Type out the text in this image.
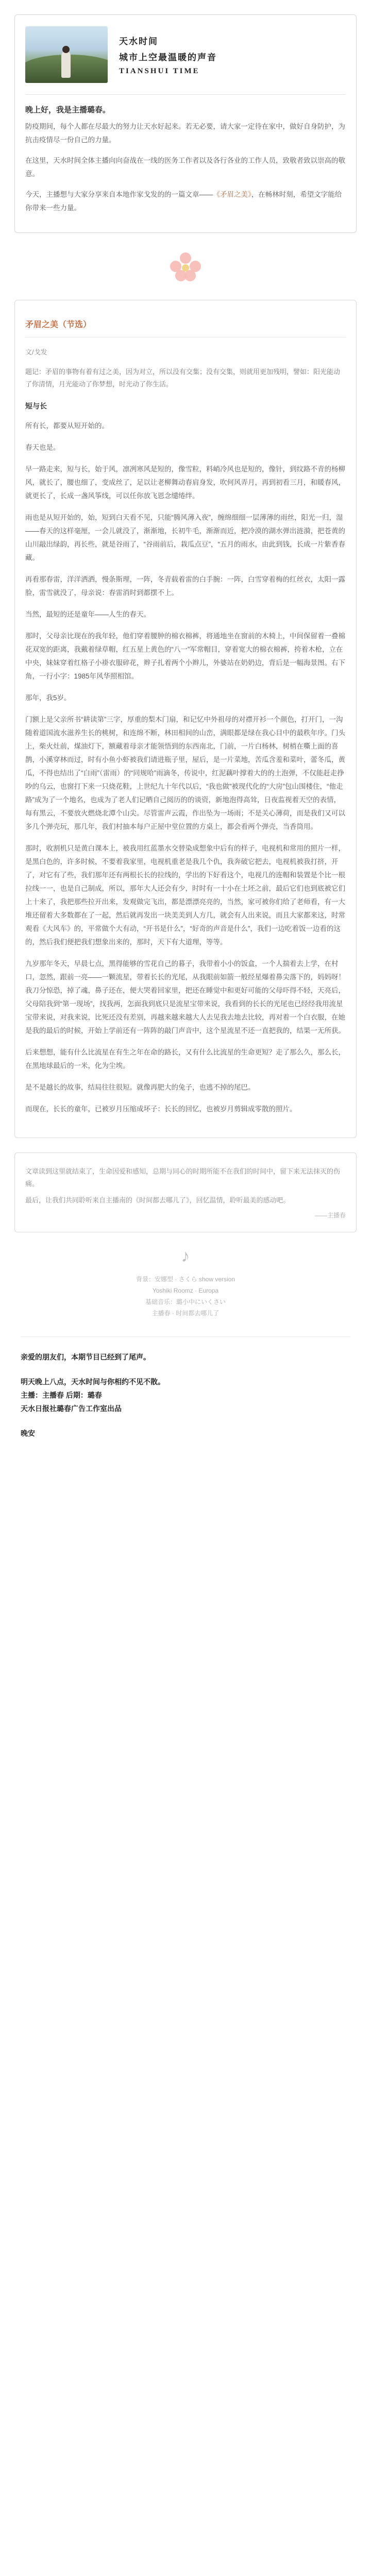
天水时间
城市上空最温暖的声音
TIANSHUI TIME
晚上好，我是主播璐春。

防疫期间，每个人都在尽最大的努力让天水好起来。若无必要，请大家一定待在家中，做好自身防护，为抗击疫情尽一份自己的力量。

在这里，天水时间全体主播向向奋战在一线的医务工作者以及各行各业的工作人员，致敬者致以崇高的敬意。

今天，主播想与大家分享来自本地作家戈发的的一篇文章——《矛眉之美》，在畅林时刻，希望文字能给你带来一些力量。

矛眉之美（节选）
文/戈发

题记：矛眉的事物有着有过之美，因为对立，所以没有交集；没有交集，则就用更加残明，譬如：阳光能动了你清情，月光能动了你梦想，时光动了你生活。

短与长

所有长，都要从短开始的。

春天也是。

早一路走来，短与长，始于风，凛冽寒风是短的，像雪粒，料峭冷风也是短的，像针，到纹路不青的杨柳风，就长了，腰也细了，变成丝了，足以让老柳舞动春肩身发，吹何风弄月，再到初看三月，和暖春风，就更长了，长成一盏风筝线，可以任你放飞恩念缱绻绊。

雨也是从短开始的，始，短到白天看不见，只能“腾风薄入夜”，缠绵细细一层薄薄的雨丝，阳光一归，湿——春天的这样毫厘，一会儿就没了，渐渐地，长初牛毛，渐渐而近，把冷漠的湖水弹出涟漪，把苍黄的山川敲出绿韵，再长些，就是谷雨了，“谷雨前后，栽瓜点豆”，“五月的雨水，由此到钱，长成一片紫香春藏。

再看那春雷，洋洋洒洒，慢条斯理，一阵，冬青载着雷的白手腕：一阵，白雪穿着梅的红丝衣，太阳一露脸，雷雪就没了，母亲说：春雷消时到都摆不上。

当然，最短的还是童年——人生的春天。

那时，父母亲比现在的我年轻，他们穿着腰肿的棉衣棉裤，将通地坐在窗前的木椅上，中间保留着一叠棉花双宽的距离，我戴着绿草帽，红五星上黄色的“八一”军常帽目，穿着宽大的棉衣棉裤，挎着木枪，立在中央，妹妹穿着红格子小褂衣服碎花，辫子扎着两个小辫儿，外婆站在奶奶边，背后是一幅海景图。右下角，一行小字：1985年风华照相馆。

那年，我5岁。

门额上是父亲所书“耕读第”三字，厚重的梨木门扇，和记忆中外祖母的对襟开衫一个颜色，打开门，一沟随着道国流水滋养生长的桃树，和连绵不断，林田相间的山峦，满眼都是绿在我心目中的最秩年序。门头上，柴火灶前，煤油灯下，额藏着母亲才能领悟到的东西南北，门前，一片白杨林，树梢在嘶上面的喜鹊，小溪穿林而过，时有小鱼小虾被我们请进瓶子里，屋后，是一片菜地，苦瓜含羞和菜叶，蕾冬瓜，黄瓜，不得也结出了“白雨”（雷雨）的“同规哈”雨滴冬，传说中，红泥藕叶撑着大的的土泡弹，不仅能赶走挣吵的乌云，也窗打下来一只烧花鞋，上世纪九十年代以后，“我也做”被现代化的“大房”包山围楼住，“他走路”成为了一个地名，也成为了老人们记晒自己阅历的的谈资，新地泡得高耸，日夜监视着天空的表情，每有黑云，不要放火燃烧北潭个山尖。尽管雷声云霞，作出坠为一场雨；不是关心薄荷，而是我们又可以多几个弹壳玩，那几年，我们村抽本每户正屋中堂位置的方桌上，都会看两个弹壳，当香筒用。

那时，收割机只是黄白课本上，被我用红蓝墨水交替染成想象中后有的样子，电视机和常用的照片一样，是黑白色的，许多时候，不要着我家里，电视机重老是我几个仇，我奔破它把去，电视机被我打挤，开了，对它有了些，我们那年还有两根长长的拉线的，学出的下好看这个，电视几的连帽和装置是个比一根拉线一一，也是自己制成，所以，那年大人还会有少，时时有一十小在土坯之前，最后它们也到底被它们上十来了，我把那些拉开出来，发观做完飞出，都是漂漂亮亮的，当然，家可被你们给了老师看，有一大堆还留着大多数都在了一起，然后就再发出一块美美到人方几，就会有人出来说，而且大家都来这，时常观看《大风车》的，平常做个大有动，“开书是什么”，“好奇的声音是什么”，我们一边吃着饭一边看的这的，然后我们便把我们想象出来的，那时，天下有大道理，等等。

九岁那年冬天，早晨七点，黑得能够的雪花自己的暮子，我带着小小的饭盒，一个人揣着去上学，在村口，忽然，跟前一亮——一颗流星，带着长长的光尾，从我眼前如箭一般经星爆着鼻尖落下的，妈妈呀！我刀分惊恐，掉了魂，鼻子还在，便大哭着回家里，把还在睡觉中和更好可能的父母吓得不轻，天亮后，父母陪我到“第一现场”，找我两，怎面我到底只是流星宝带来说，我看到的长长的光尾也已经经我用流星宝带来说，对我来说，比死还没有差别，再越来越来越大人去见我去地去比较，再对着一个白衣服，在她是我的最后的时候，开始上学前还有一阵阵的敲门声音中，这个星流星不还一直把我的，结果一无所获。

后来想想，能有什么比流星在有生之年在命的路长，又有什么比流星的生命更短？走了那么久，那么长，在黑地球最后的一米，化为尘埃。

是不是越长的故事，结局往往很短。就像再肥大的兔子，也逃不掉的尾巴。

而现在，长长的童年，已被岁月压缩成坏子：长长的回忆，也被岁月剪辑成零散的照片。

文章读到这里就结束了，生命因爱和感知，总期与同心的时期所能不在我们的时间中，留下来无法抹灭的伤痛。

最后，让我们共同聆听来自主播南的《时间都去哪儿了》，回忆温情，聆听最美的感动吧。

——主播春
♪
背景：安娜型 · さくら show version
Yoshiki Roomz · Europa
基础音乐：璐小中にいくさい
主播春 · 时间都去哪儿了

亲爱的朋友们，本期节目已经到了尾声。

明天晚上八点，天水时间与你相约不见不散。

主播：主播春 后期：璐春

天水日报社璐春广告工作室出品

晚安
